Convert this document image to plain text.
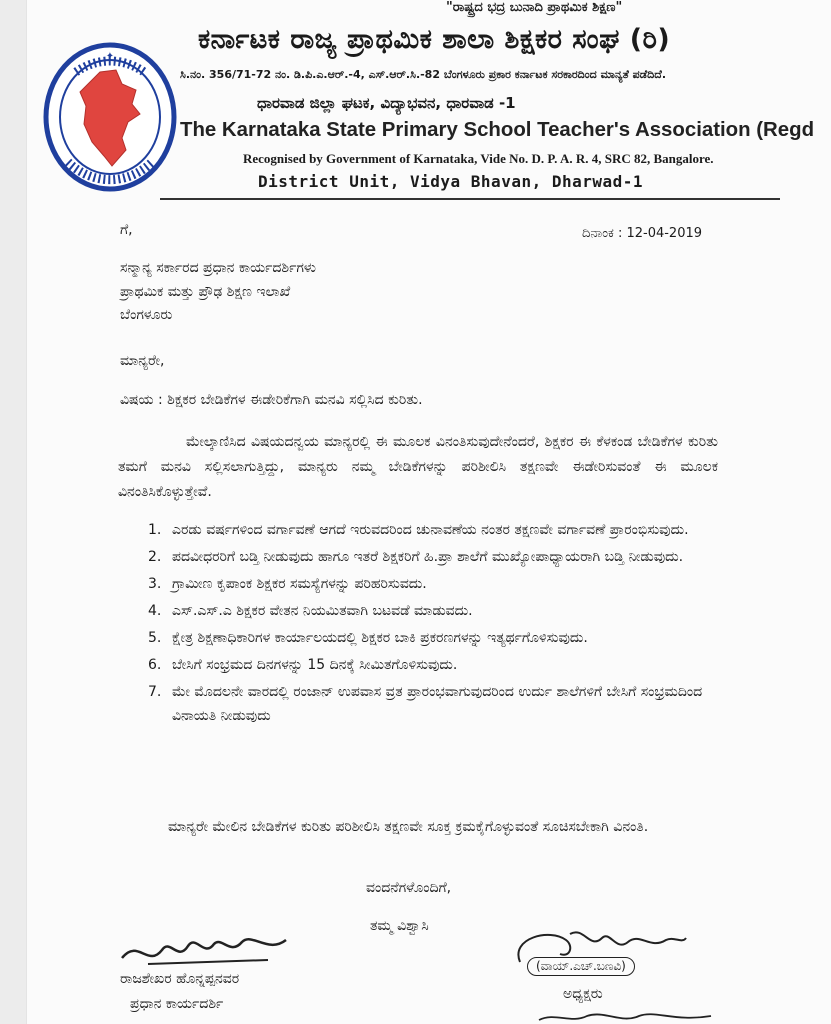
✦
"ರಾಷ್ಟ್ರದ ಭದ್ರ ಬುನಾದಿ ಪ್ರಾಥಮಿಕ ಶಿಕ್ಷಣ"
ಕರ್ನಾಟಕ ರಾಜ್ಯ ಪ್ರಾಥಮಿಕ ಶಾಲಾ ಶಿಕ್ಷಕರ ಸಂಘ (ರಿ)
ಸಿ.ನಂ. 356/71-72 ನಂ. ಡಿ.ಪಿ.ಎ.ಆರ್.-4, ಎಸ್.ಆರ್.ಸಿ.-82 ಬೆಂಗಳೂರು ಪ್ರಕಾರ ಕರ್ನಾಟಕ ಸರಕಾರದಿಂದ ಮಾನ್ಯತೆ ಪಡೆದಿದೆ.
ಧಾರವಾಡ ಜಿಲ್ಲಾ ಘಟಕ, ವಿದ್ಯಾಭವನ, ಧಾರವಾಡ -1
The Karnataka State Primary School Teacher's Association (Regd
Recognised by Government of Karnataka, Vide No. D. P. A. R. 4, SRC 82, Bangalore.
District Unit, Vidya Bhavan, Dharwad-1
ಗೆ,	ದಿನಾಂಕ : 12-04-2019
ಸನ್ಮಾನ್ಯ ಸರ್ಕಾರದ ಪ್ರಧಾನ ಕಾರ್ಯದರ್ಶಿಗಳು
ಪ್ರಾಥಮಿಕ ಮತ್ತು ಪ್ರೌಢ ಶಿಕ್ಷಣ ಇಲಾಖೆ
ಬೆಂಗಳೂರು
ಮಾನ್ಯರೇ,
ವಿಷಯ : ಶಿಕ್ಷಕರ ಬೇಡಿಕೆಗಳ ಈಡೇರಿಕೆಗಾಗಿ ಮನವಿ ಸಲ್ಲಿಸಿದ ಕುರಿತು.
ಮೇಲ್ಕಾಣಿಸಿದ ವಿಷಯದನ್ವಯ ಮಾನ್ಯರಲ್ಲಿ ಈ ಮೂಲಕ ವಿನಂತಿಸುವುದೇನೆಂದರೆ, ಶಿಕ್ಷಕರ ಈ ಕೆಳಕಂಡ ಬೇಡಿಕೆಗಳ ಕುರಿತು ತಮಗೆ ಮನವಿ ಸಲ್ಲಿಸಲಾಗುತ್ತಿದ್ದು, ಮಾನ್ಯರು ನಮ್ಮ ಬೇಡಿಕೆಗಳನ್ನು ಪರಿಶೀಲಿಸಿ ತಕ್ಷಣವೇ ಈಡೇರಿಸುವಂತೆ ಈ ಮೂಲಕ ವಿನಂತಿಸಿಕೊಳ್ಳುತ್ತೇವೆ.
1. ಎರಡು ವರ್ಷಗಳಿಂದ ವರ್ಗಾವಣೆ ಆಗದೆ ಇರುವದರಿಂದ ಚುನಾವಣೆಯ ನಂತರ ತಕ್ಷಣವೇ ವರ್ಗಾವಣೆ ಪ್ರಾರಂಭಿಸುವುದು.
2. ಪದವೀಧರರಿಗೆ ಬಡ್ತಿ ನೀಡುವುದು ಹಾಗೂ ಇತರೆ ಶಿಕ್ಷಕರಿಗೆ ಹಿ.ಪ್ರಾ ಶಾಲೆಗೆ ಮುಖ್ಯೋಪಾಧ್ಯಾಯರಾಗಿ ಬಡ್ತಿ ನೀಡುವುದು.
3. ಗ್ರಾಮೀಣ ಕೃಪಾಂಕ ಶಿಕ್ಷಕರ ಸಮಸ್ಯೆಗಳನ್ನು ಪರಿಹರಿಸುವದು.
4. ಎಸ್.ಎಸ್.ಎ ಶಿಕ್ಷಕರ ವೇತನ ನಿಯಮಿತವಾಗಿ ಬಟವಡೆ ಮಾಡುವದು.
5. ಕ್ಷೇತ್ರ ಶಿಕ್ಷಣಾಧಿಕಾರಿಗಳ ಕಾರ್ಯಾಲಯದಲ್ಲಿ ಶಿಕ್ಷಕರ ಬಾಕಿ ಪ್ರಕರಣಗಳನ್ನು ಇತ್ಯರ್ಥಗೊಳಿಸುವುದು.
6. ಬೇಸಿಗೆ ಸಂಭ್ರಮದ ದಿನಗಳನ್ನು 15 ದಿನಕ್ಕೆ ಸೀಮಿತಗೊಳಿಸುವುದು.
7. ಮೇ ಮೊದಲನೇ ವಾರದಲ್ಲಿ ರಂಜಾನ್ ಉಪವಾಸ ವ್ರತ ಪ್ರಾರಂಭವಾಗುವುದರಿಂದ ಉರ್ದು ಶಾಲೆಗಳಿಗೆ ಬೇಸಿಗೆ ಸಂಭ್ರಮದಿಂದ ವಿನಾಯತಿ ನೀಡುವುದು
ಮಾನ್ಯರೇ ಮೇಲಿನ ಬೇಡಿಕೆಗಳ ಕುರಿತು ಪರಿಶೀಲಿಸಿ ತಕ್ಷಣವೇ ಸೂಕ್ತ ಕ್ರಮಕೈಗೊಳ್ಳುವಂತೆ ಸೂಚಿಸಬೇಕಾಗಿ ವಿನಂತಿ.
ವಂದನೆಗಳೊಂದಿಗೆ,
ತಮ್ಮ ವಿಶ್ವಾಸಿ
ರಾಜಶೇಖರ ಹೊನ್ನಪ್ಪನವರ
ಪ್ರಧಾನ ಕಾರ್ಯದರ್ಶಿ
(ವಾಯ್.ಎಚ್.ಬಣವಿ)
ಅಧ್ಯಕ್ಷರು
